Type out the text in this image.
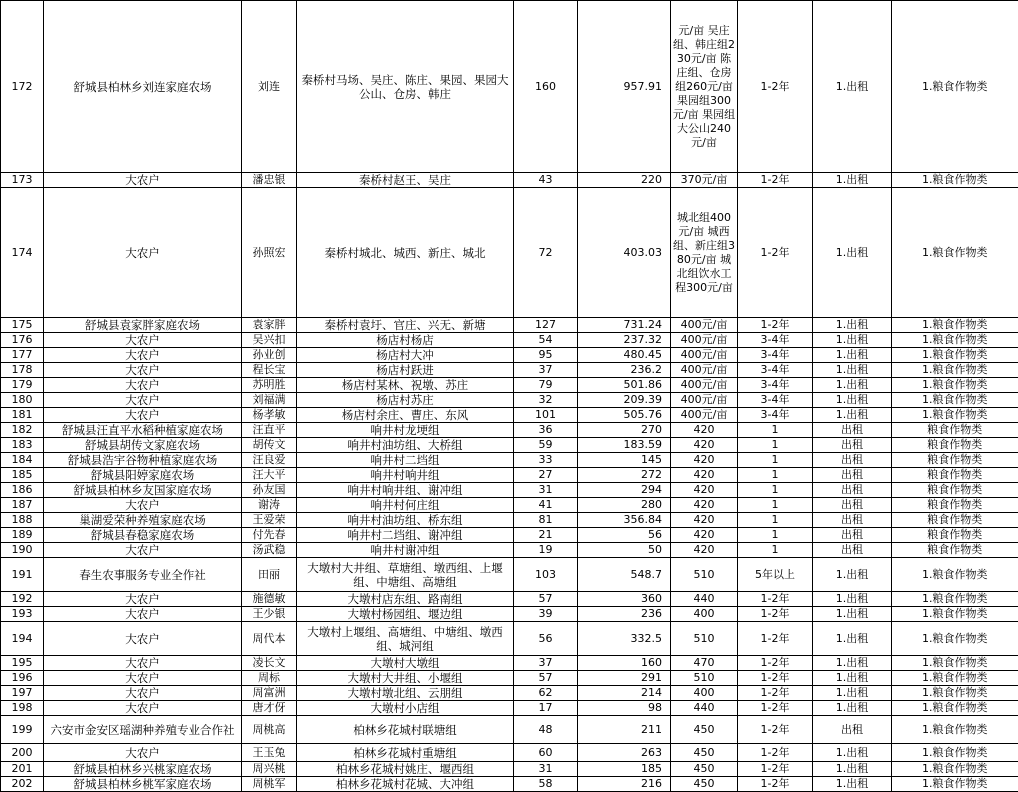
172	舒城县柏林乡刘连家庭农场	刘连	秦桥村马场、吴庄、陈庄、果园、果园大公山、仓房、韩庄	160	957.91	元/亩 吴庄组、韩庄组230元/亩 陈庄组、仓房组260元/亩 果园组300元/亩 果园组大公山240元/亩	1-2年	1.出租	1.粮食作物类
173	大农户	潘忠银	秦桥村赵王、吴庄	43	220	370元/亩	1-2年	1.出租	1.粮食作物类
174	大农户	孙照宏	秦桥村城北、城西、新庄、城北	72	403.03	城北组400元/亩 城西组、新庄组380元/亩 城北组饮水工程300元/亩	1-2年	1.出租	1.粮食作物类
175	舒城县袁家胖家庭农场	袁家胖	秦桥村袁圩、官庄、兴无、新塘	127	731.24	400元/亩	1-2年	1.出租	1.粮食作物类
176	大农户	吴兴扣	杨店村杨店	54	237.32	400元/亩	3-4年	1.出租	1.粮食作物类
177	大农户	孙业创	杨店村大冲	95	480.45	400元/亩	3-4年	1.出租	1.粮食作物类
178	大农户	程长宝	杨店村跃进	37	236.2	400元/亩	3-4年	1.出租	1.粮食作物类
179	大农户	苏明胜	杨店村某林、祝墩、苏庄	79	501.86	400元/亩	3-4年	1.出租	1.粮食作物类
180	大农户	刘福满	杨店村苏庄	32	209.39	400元/亩	3-4年	1.出租	1.粮食作物类
181	大农户	杨孝敏	杨店村余庄、曹庄、东风	101	505.76	400元/亩	3-4年	1.出租	1.粮食作物类
182	舒城县汪直平水稻种植家庭农场	汪直平	响井村龙埂组	36	270	420	1	出租	粮食作物类
183	舒城县胡传文家庭农场	胡传文	响井村油坊组、大桥组	59	183.59	420	1	出租	粮食作物类
184	舒城县浩宇谷物种植家庭农场	汪良爱	响井村二垱组	33	145	420	1	出租	粮食作物类
185	舒城县阳婷家庭农场	汪大平	响井村响井组	27	272	420	1	出租	粮食作物类
186	舒城县柏林乡友国家庭农场	孙友国	响井村响井组、谢冲组	31	294	420	1	出租	粮食作物类
187	大农户	谢涛	响井村何庄组	41	280	420	1	出租	粮食作物类
188	巢湖爱荣种养殖家庭农场	王爱荣	响井村油坊组、桥东组	81	356.84	420	1	出租	粮食作物类
189	舒城县春稳家庭农场	付先春	响井村二垱组、谢冲组	21	56	420	1	出租	粮食作物类
190	大农户	汤武稳	响井村谢冲组	19	50	420	1	出租	粮食作物类
191	春生农事服务专业全作社	田丽	大墩村大井组、草塘组、墩西组、上堰组、中塘组、高塘组	103	548.7	510	5年以上	1.出租	1.粮食作物类
192	大农户	施德敏	大墩村店东组、路南组	57	360	440	1-2年	1.出租	1.粮食作物类
193	大农户	王少银	大墩村杨园组、堰边组	39	236	400	1-2年	1.出租	1.粮食作物类
194	大农户	周代本	大墩村上堰组、高塘组、中塘组、墩西组、城河组	56	332.5	510	1-2年	1.出租	1.粮食作物类
195	大农户	凌长文	大墩村大墩组	37	160	470	1-2年	1.出租	1.粮食作物类
196	大农户	周标	大墩村大井组、小堰组	57	291	510	1-2年	1.出租	1.粮食作物类
197	大农户	周富洲	大墩村墩北组、云朋组	62	214	400	1-2年	1.出租	1.粮食作物类
198	大农户	唐才伢	大墩村小店组	17	98	440	1-2年	1.出租	1.粮食作物类
199	六安市金安区瑶湖种养殖专业合作社	周桃高	柏林乡花城村联塘组	48	211	450	1-2年	出租	1.粮食作物类
200	大农户	王玉兔	柏林乡花城村重塘组	60	263	450	1-2年	1.出租	1.粮食作物类
201	舒城县柏林乡兴桃家庭农场	周兴桃	柏林乡花城村姚庄、堰西组	31	185	450	1-2年	1.出租	1.粮食作物类
202	舒城县柏林乡桃军家庭农场	周桃军	柏林乡花城村花城、大冲组	58	216	450	1-2年	1.出租	1.粮食作物类
